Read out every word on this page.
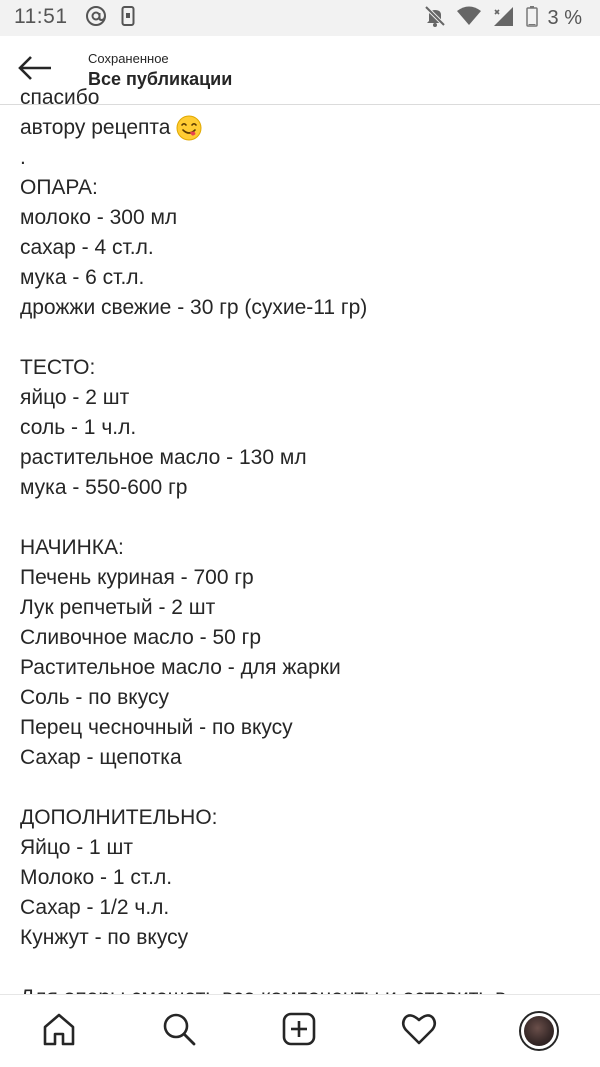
11:51	3 %
Сохраненное
Все публикации
спасибо
автору рецепта
.
ОПАРА:
молоко - 300 мл
сахар - 4 ст.л.
мука - 6 ст.л.
дрожжи свежие - 30 гр (сухие-11 гр)
ТЕСТО:
яйцо - 2 шт
соль - 1 ч.л.
растительное масло - 130 мл
мука - 550-600 гр
НАЧИНКА:
Печень куриная - 700 гр
Лук репчетый - 2 шт
Сливочное масло - 50 гр
Растительное масло - для жарки
Соль - по вкусу
Перец чесночный - по вкусу
Сахар - щепотка
ДОПОЛНИТЕЛЬНО:
Яйцо - 1 шт
Молоко - 1 ст.л.
Сахар - 1/2 ч.л.
Кунжут - по вкусу
